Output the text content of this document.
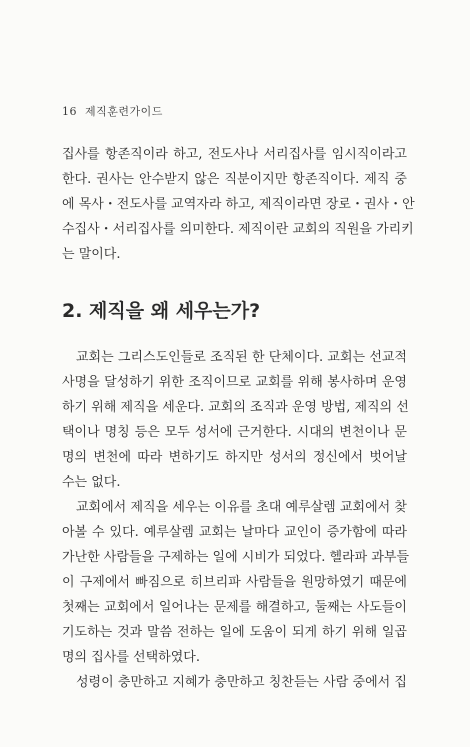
16 제직훈련가이드
집사를 항존직이라 하고, 전도사나 서리집사를 임시직이라고
한다. 권사는 안수받지 않은 직분이지만 항존직이다. 제직 중
에 목사・전도사를 교역자라 하고, 제직이라면 장로・권사・안
수집사・서리집사를 의미한다. 제직이란 교회의 직원을 가리키
는 말이다.
2. 제직을 왜 세우는가?
교회는 그리스도인들로 조직된 한 단체이다. 교회는 선교적
사명을 달성하기 위한 조직이므로 교회를 위해 봉사하며 운영
하기 위해 제직을 세운다. 교회의 조직과 운영 방법, 제직의 선
택이나 명칭 등은 모두 성서에 근거한다. 시대의 변천이나 문
명의 변천에 따라 변하기도 하지만 성서의 정신에서 벗어날
수는 없다.
교회에서 제직을 세우는 이유를 초대 예루살렘 교회에서 찾
아볼 수 있다. 예루살렘 교회는 날마다 교인이 증가함에 따라
가난한 사람들을 구제하는 일에 시비가 되었다. 헬라파 과부들
이 구제에서 빠짐으로 히브리파 사람들을 원망하였기 때문에
첫째는 교회에서 일어나는 문제를 해결하고, 둘째는 사도들이
기도하는 것과 말씀 전하는 일에 도움이 되게 하기 위해 일곱
명의 집사를 선택하였다.
성령이 충만하고 지혜가 충만하고 칭찬듣는 사람 중에서 집
